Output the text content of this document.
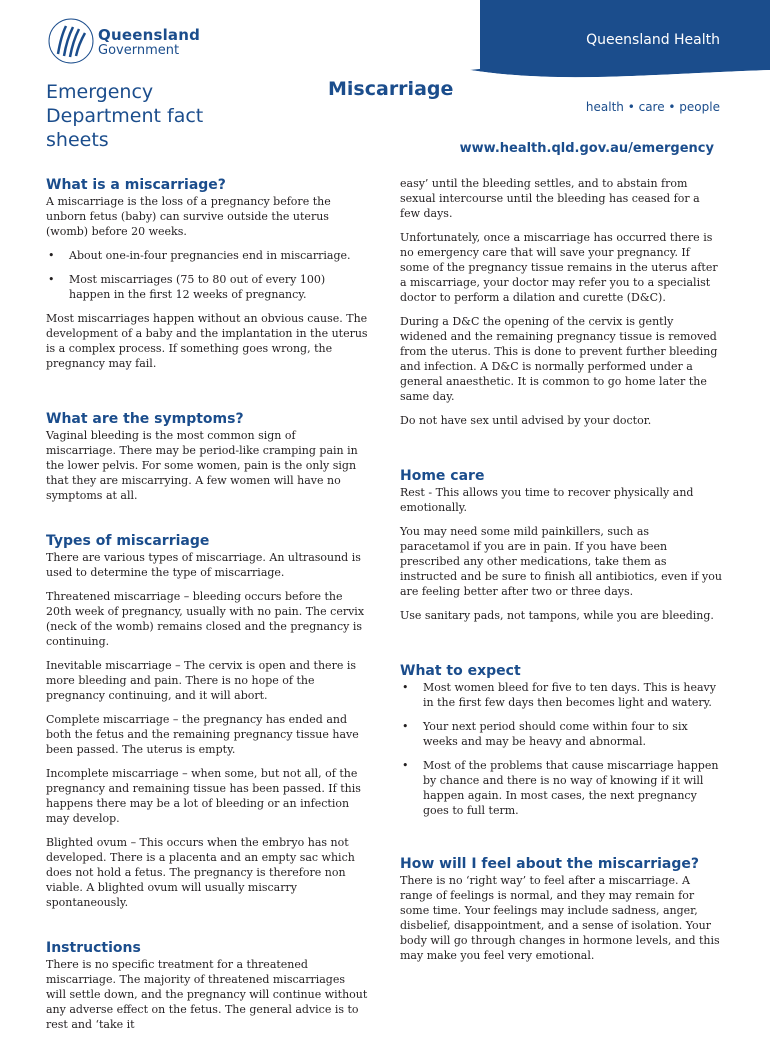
Queensland
Government
Queensland Health
Emergency Department fact sheets
Miscarriage
health • care • people
www.health.qld.gov.au/emergency
What is a miscarriage?

A miscarriage is the loss of a pregnancy before the unborn fetus (baby) can survive outside the uterus (womb) before 20 weeks.

• About one-in-four pregnancies end in miscarriage.
• Most miscarriages (75 to 80 out of every 100) happen in the first 12 weeks of pregnancy.

Most miscarriages happen without an obvious cause. The development of a baby and the implantation in the uterus is a complex process. If something goes wrong, the pregnancy may fail.

What are the symptoms?

Vaginal bleeding is the most common sign of miscarriage. There may be period-like cramping pain in the lower pelvis. For some women, pain is the only sign that they are miscarrying. A few women will have no symptoms at all.

Types of miscarriage

There are various types of miscarriage. An ultrasound is used to determine the type of miscarriage.

Threatened miscarriage – bleeding occurs before the 20th week of pregnancy, usually with no pain. The cervix (neck of the womb) remains closed and the pregnancy is continuing.

Inevitable miscarriage – The cervix is open and there is more bleeding and pain. There is no hope of the pregnancy continuing, and it will abort.

Complete miscarriage – the pregnancy has ended and both the fetus and the remaining pregnancy tissue have been passed. The uterus is empty.

Incomplete miscarriage – when some, but not all, of the pregnancy and remaining tissue has been passed. If this happens there may be a lot of bleeding or an infection may develop.

Blighted ovum – This occurs when the embryo has not developed. There is a placenta and an empty sac which does not hold a fetus. The pregnancy is therefore non viable. A blighted ovum will usually miscarry spontaneously.

Instructions

There is no specific treatment for a threatened miscarriage. The majority of threatened miscarriages will settle down, and the pregnancy will continue without any adverse effect on the fetus. The general advice is to rest and ‘take it

easy’ until the bleeding settles, and to abstain from sexual intercourse until the bleeding has ceased for a few days.

Unfortunately, once a miscarriage has occurred there is no emergency care that will save your pregnancy. If some of the pregnancy tissue remains in the uterus after a miscarriage, your doctor may refer you to a specialist doctor to perform a dilation and curette (D&C).

During a D&C the opening of the cervix is gently widened and the remaining pregnancy tissue is removed from the uterus. This is done to prevent further bleeding and infection. A D&C is normally performed under a general anaesthetic. It is common to go home later the same day.

Do not have sex until advised by your doctor.

Home care

Rest - This allows you time to recover physically and emotionally.

You may need some mild painkillers, such as paracetamol if you are in pain. If you have been prescribed any other medications, take them as instructed and be sure to finish all antibiotics, even if you are feeling better after two or three days.

Use sanitary pads, not tampons, while you are bleeding.

What to expect
• Most women bleed for five to ten days. This is heavy in the first few days then becomes light and watery.
• Your next period should come within four to six weeks and may be heavy and abnormal.
• Most of the problems that cause miscarriage happen by chance and there is no way of knowing if it will happen again. In most cases, the next pregnancy goes to full term.
How will I feel about the miscarriage?

There is no ‘right way’ to feel after a miscarriage. A range of feelings is normal, and they may remain for some time. Your feelings may include sadness, anger, disbelief, disappointment, and a sense of isolation. Your body will go through changes in hormone levels, and this may make you feel very emotional.
